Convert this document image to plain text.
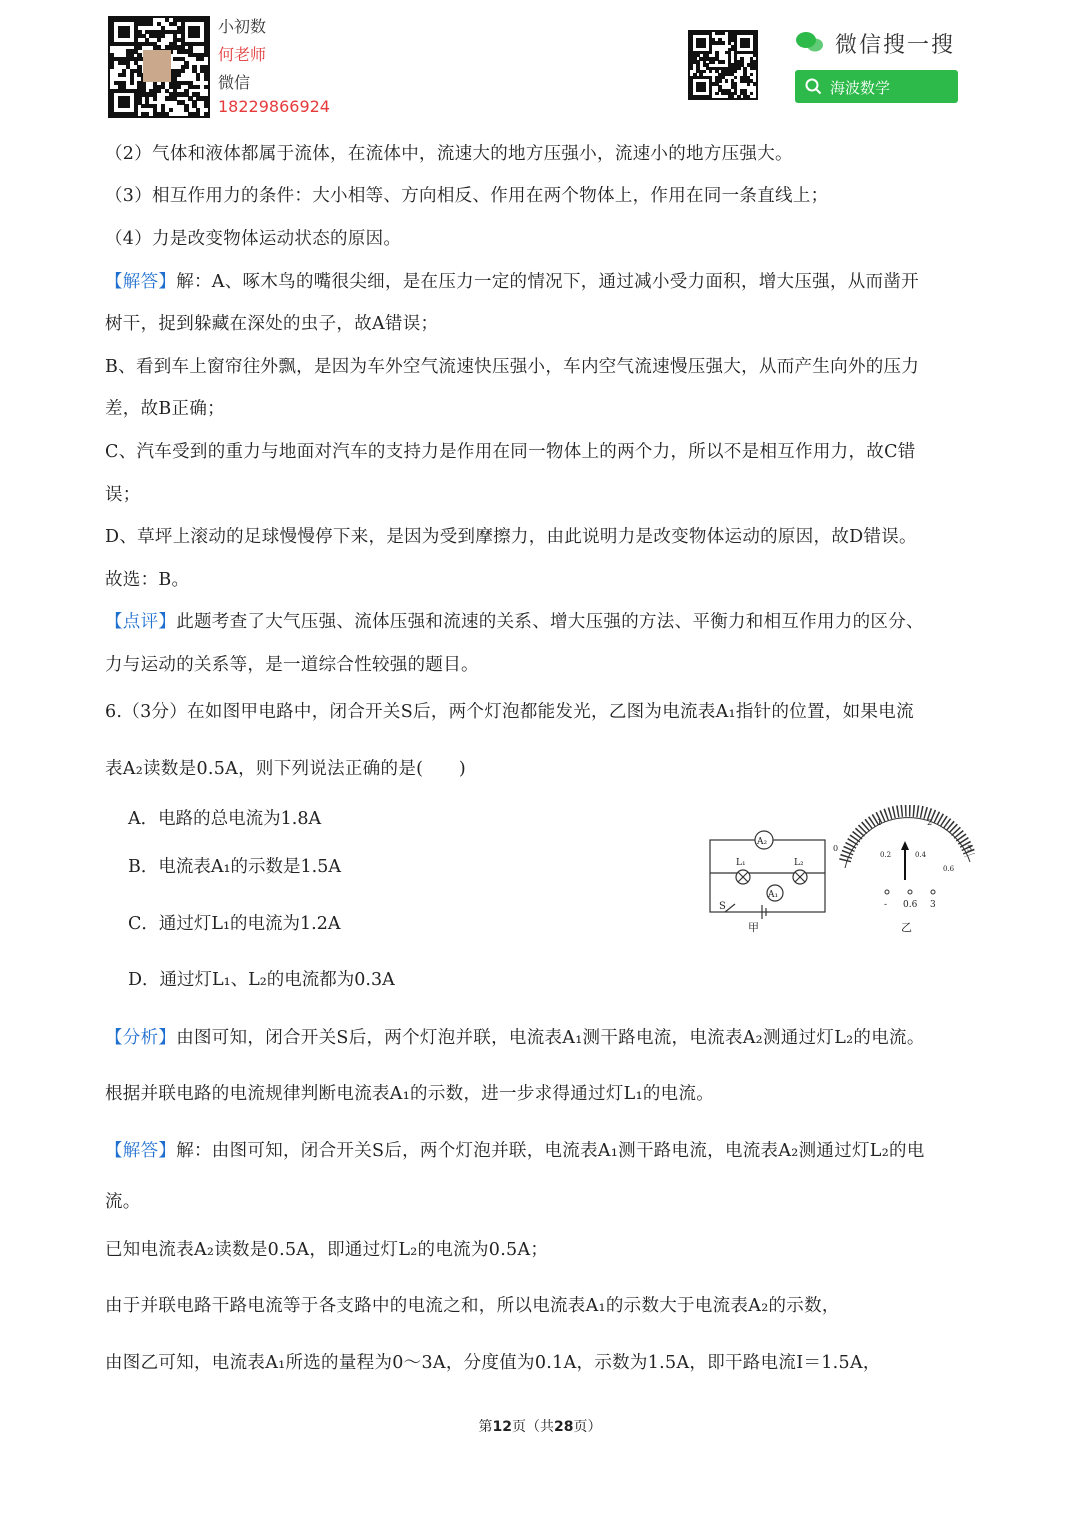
小初数
何老师
微信
18229866924
微信搜一搜
海波数学
（2）气体和液体都属于流体，在流体中，流速大的地方压强小，流速小的地方压强大。
（3）相互作用力的条件：大小相等、方向相反、作用在两个物体上，作用在同一条直线上；
（4）力是改变物体运动状态的原因。
【解答】解：A、啄木鸟的嘴很尖细，是在压力一定的情况下，通过减小受力面积，增大压强，从而凿开
树干，捉到躲藏在深处的虫子，故A错误；
B、看到车上窗帘往外飘，是因为车外空气流速快压强小，车内空气流速慢压强大，从而产生向外的压力
差，故B正确；
C、汽车受到的重力与地面对汽车的支持力是作用在同一物体上的两个力，所以不是相互作用力，故C错
误；
D、草坪上滚动的足球慢慢停下来，是因为受到摩擦力，由此说明力是改变物体运动的原因，故D错误。
故选：B。
【点评】此题考查了大气压强、流体压强和流速的关系、增大压强的方法、平衡力和相互作用力的区分、
力与运动的关系等，是一道综合性较强的题目。
6.（3分）在如图甲电路中，闭合开关S后，两个灯泡都能发光，乙图为电流表A₁指针的位置，如果电流
表A₂读数是0.5A，则下列说法正确的是(　　)
A．电路的总电流为1.8A
B．电流表A₁的示数是1.5A
C．通过灯L₁的电流为1.2A
D．通过灯L₁、L₂的电流都为0.3A
A₂
A₁
L₁	L₂
S
甲
0
1	2
3
0.2	0.4
0.6
- 0.6 3
乙
【分析】由图可知，闭合开关S后，两个灯泡并联，电流表A₁测干路电流，电流表A₂测通过灯L₂的电流。
根据并联电路的电流规律判断电流表A₁的示数，进一步求得通过灯L₁的电流。
【解答】解：由图可知，闭合开关S后，两个灯泡并联，电流表A₁测干路电流，电流表A₂测通过灯L₂的电
流。
已知电流表A₂读数是0.5A，即通过灯L₂的电流为0.5A；
由于并联电路干路电流等于各支路中的电流之和，所以电流表A₁的示数大于电流表A₂的示数，
由图乙可知，电流表A₁所选的量程为0～3A，分度值为0.1A，示数为1.5A，即干路电流I＝1.5A，
第12页（共28页）
